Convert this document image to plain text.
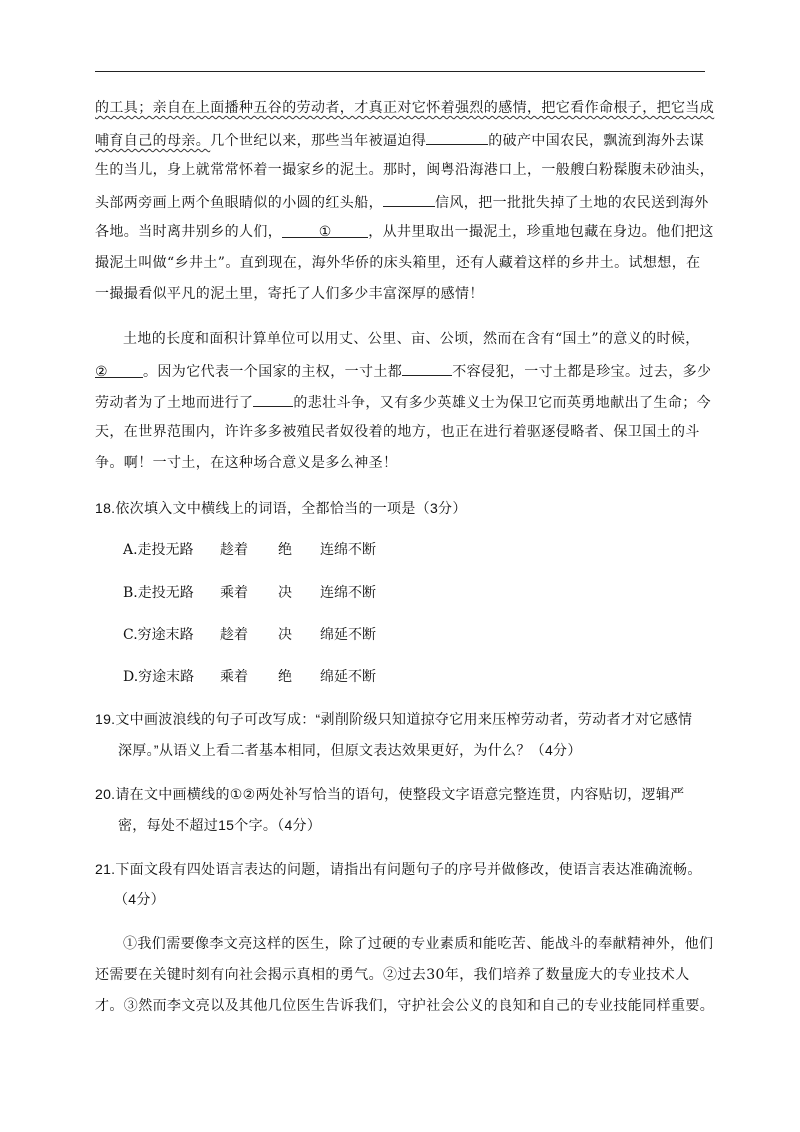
的工具；亲自在上面播种五谷的劳动者，才真正对它怀着强烈的感情，把它看作命根子，把它当成
哺育自己的母亲。几个世纪以来，那些当年被逼迫得	的破产中国农民，飘流到海外去谋
生的当儿，身上就常常怀着一撮家乡的泥土。那时，闽粤沿海港口上，一般艘白粉髹腹未砂油头，
头部两旁画上两个鱼眼睛似的小圆的红头船，	信风，把一批批失掉了土地的农民送到海外
各地。当时离井别乡的人们，	①	，从井里取出一撮泥土，珍重地包藏在身边。他们把这
撮泥土叫做“乡井土”。直到现在，海外华侨的床头箱里，还有人藏着这样的乡井土。试想想，在
一撮撮看似平凡的泥土里，寄托了人们多少丰富深厚的感情！
土地的长度和面积计算单位可以用丈、公里、亩、公顷，然而在含有“国土”的意义的时候，
②	。因为它代表一个国家的主权，一寸土都	不容侵犯，一寸土都是珍宝。过去，多少
劳动者为了土地而进行了	的悲壮斗争，又有多少英雄义士为保卫它而英勇地献出了生命；今
天，在世界范围内，许许多多被殖民者奴役着的地方，也正在进行着驱逐侵略者、保卫国土的斗
争。啊！一寸土，在这种场合意义是多么神圣！
18.依次填入文中横线上的词语，全都恰当的一项是（3分）
A.走投无路 趁着 绝 连绵不断
B.走投无路 乘着 决 连绵不断
C.穷途末路 趁着 决 绵延不断
D.穷途末路 乘着 绝 绵延不断
19.文中画波浪线的句子可改写成：“剥削阶级只知道掠夺它用来压榨劳动者，劳动者才对它感情
深厚。”从语义上看二者基本相同，但原文表达效果更好，为什么？（4分）
20.请在文中画横线的①②两处补写恰当的语句，使整段文字语意完整连贯，内容贴切，逻辑严
密，每处不超过15个字。（4分）
21.下面文段有四处语言表达的问题，请指出有问题句子的序号并做修改，使语言表达准确流畅。
（4分）
①我们需要像李文亮这样的医生，除了过硬的专业素质和能吃苦、能战斗的奉献精神外，他们
还需要在关键时刻有向社会揭示真相的勇气。②过去30年，我们培养了数量庞大的专业技术人
才。③然而李文亮以及其他几位医生告诉我们，守护社会公义的良知和自己的专业技能同样重要。
